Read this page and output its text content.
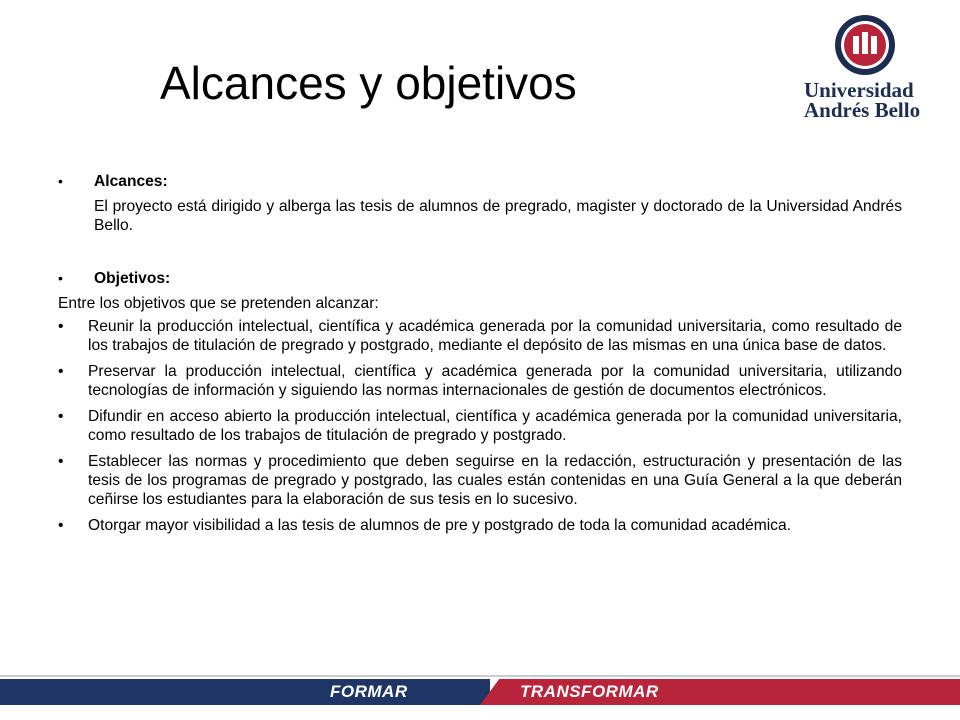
Alcances y objetivos	Universidad
Andrés Bello
•	Alcances:
El proyecto está dirigido y alberga las tesis de alumnos de pregrado, magister y doctorado de la Universidad Andrés Bello.
•	Objetivos:
Entre los objetivos que se pretenden alcanzar:
•	Reunir la producción intelectual, científica y académica generada por la comunidad universitaria, como resultado de los trabajos de titulación de pregrado y postgrado, mediante el depósito de las mismas en una única base de datos.
•	Preservar la producción intelectual, científica y académica generada por la comunidad universitaria, utilizando tecnologías de información y siguiendo las normas internacionales de gestión de documentos electrónicos.
•	Difundir en acceso abierto la producción intelectual, científica y académica generada por la comunidad universitaria, como resultado de los trabajos de titulación de pregrado y postgrado.
•	Establecer las normas y procedimiento que deben seguirse en la redacción, estructuración y presentación de las tesis de los programas de pregrado y postgrado, las cuales están contenidas en una Guía General a la que deberán ceñirse los estudiantes para la elaboración de sus tesis en lo sucesivo.
•	Otorgar mayor visibilidad a las tesis de alumnos de pre y postgrado de toda la comunidad académica.
FORMAR	TRANSFORMAR
